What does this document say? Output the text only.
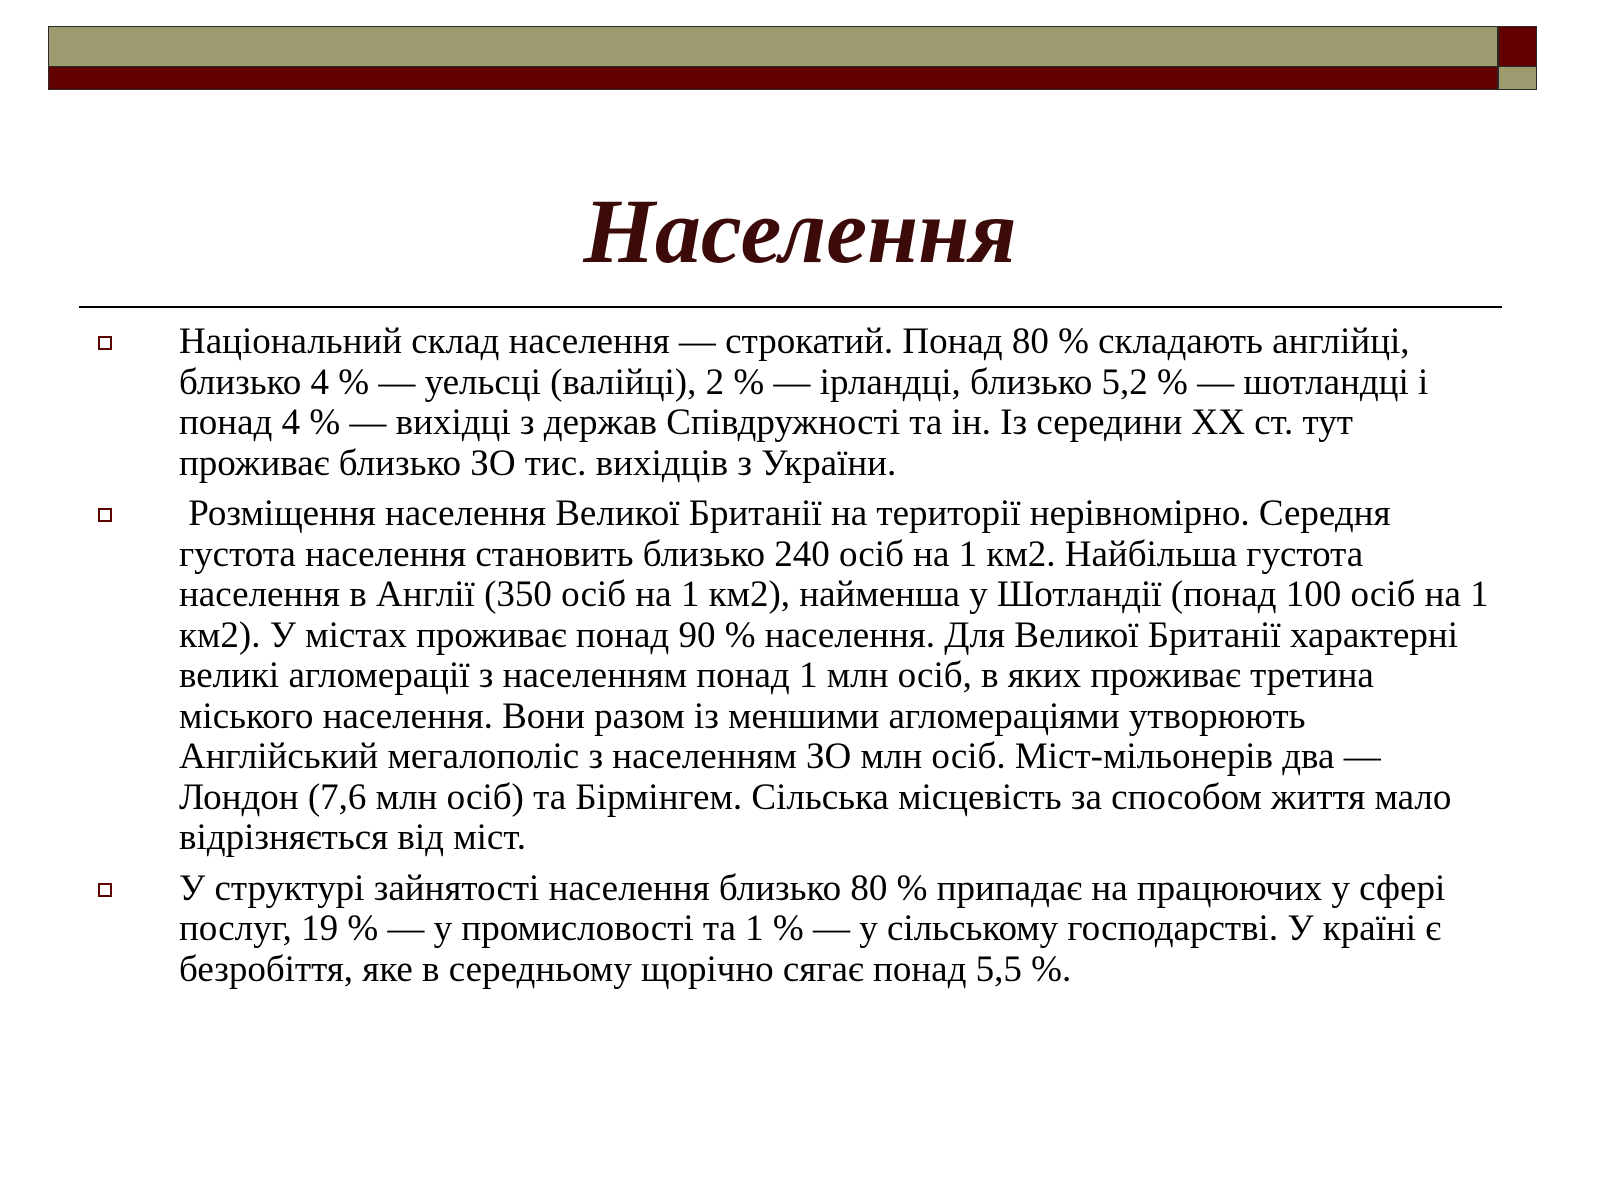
Населення
Національний склад населення — строкатий. Понад 80 % складають англійці, близько 4 % — уельсці (валійці), 2 % — ірландці, близько 5,2 % — шотландці і понад 4 % — вихідці з держав Співдружності та ін. Із середини XX ст. тут проживає близько ЗО тис. вихідців з України.
Розміщення населення Великої Британії на території нерівномірно. Середня густота населення становить близько 240 осіб на 1 км2. Найбільша густота населення в Англії (350 осіб на 1 км2), найменша у Шотландії (понад 100 осіб на 1 км2). У містах проживає понад 90 % населення. Для Великої Британії характерні великі агломерації з населенням понад 1 млн осіб, в яких проживає третина міського населення. Вони разом із меншими агломераціями утворюють Англійський мегалополіс з населенням ЗО млн осіб. Міст-мільонерів два — Лондон (7,6 млн осіб) та Бірмінгем. Сільська місцевість за способом життя мало відрізняється від міст.
У структурі зайнятості населення близько 80 % припадає на працюючих у сфері послуг, 19 % — у промисловості та 1 % — у сільському господарстві. У країні є безробіття, яке в середньому щорічно сягає понад 5,5 %.
